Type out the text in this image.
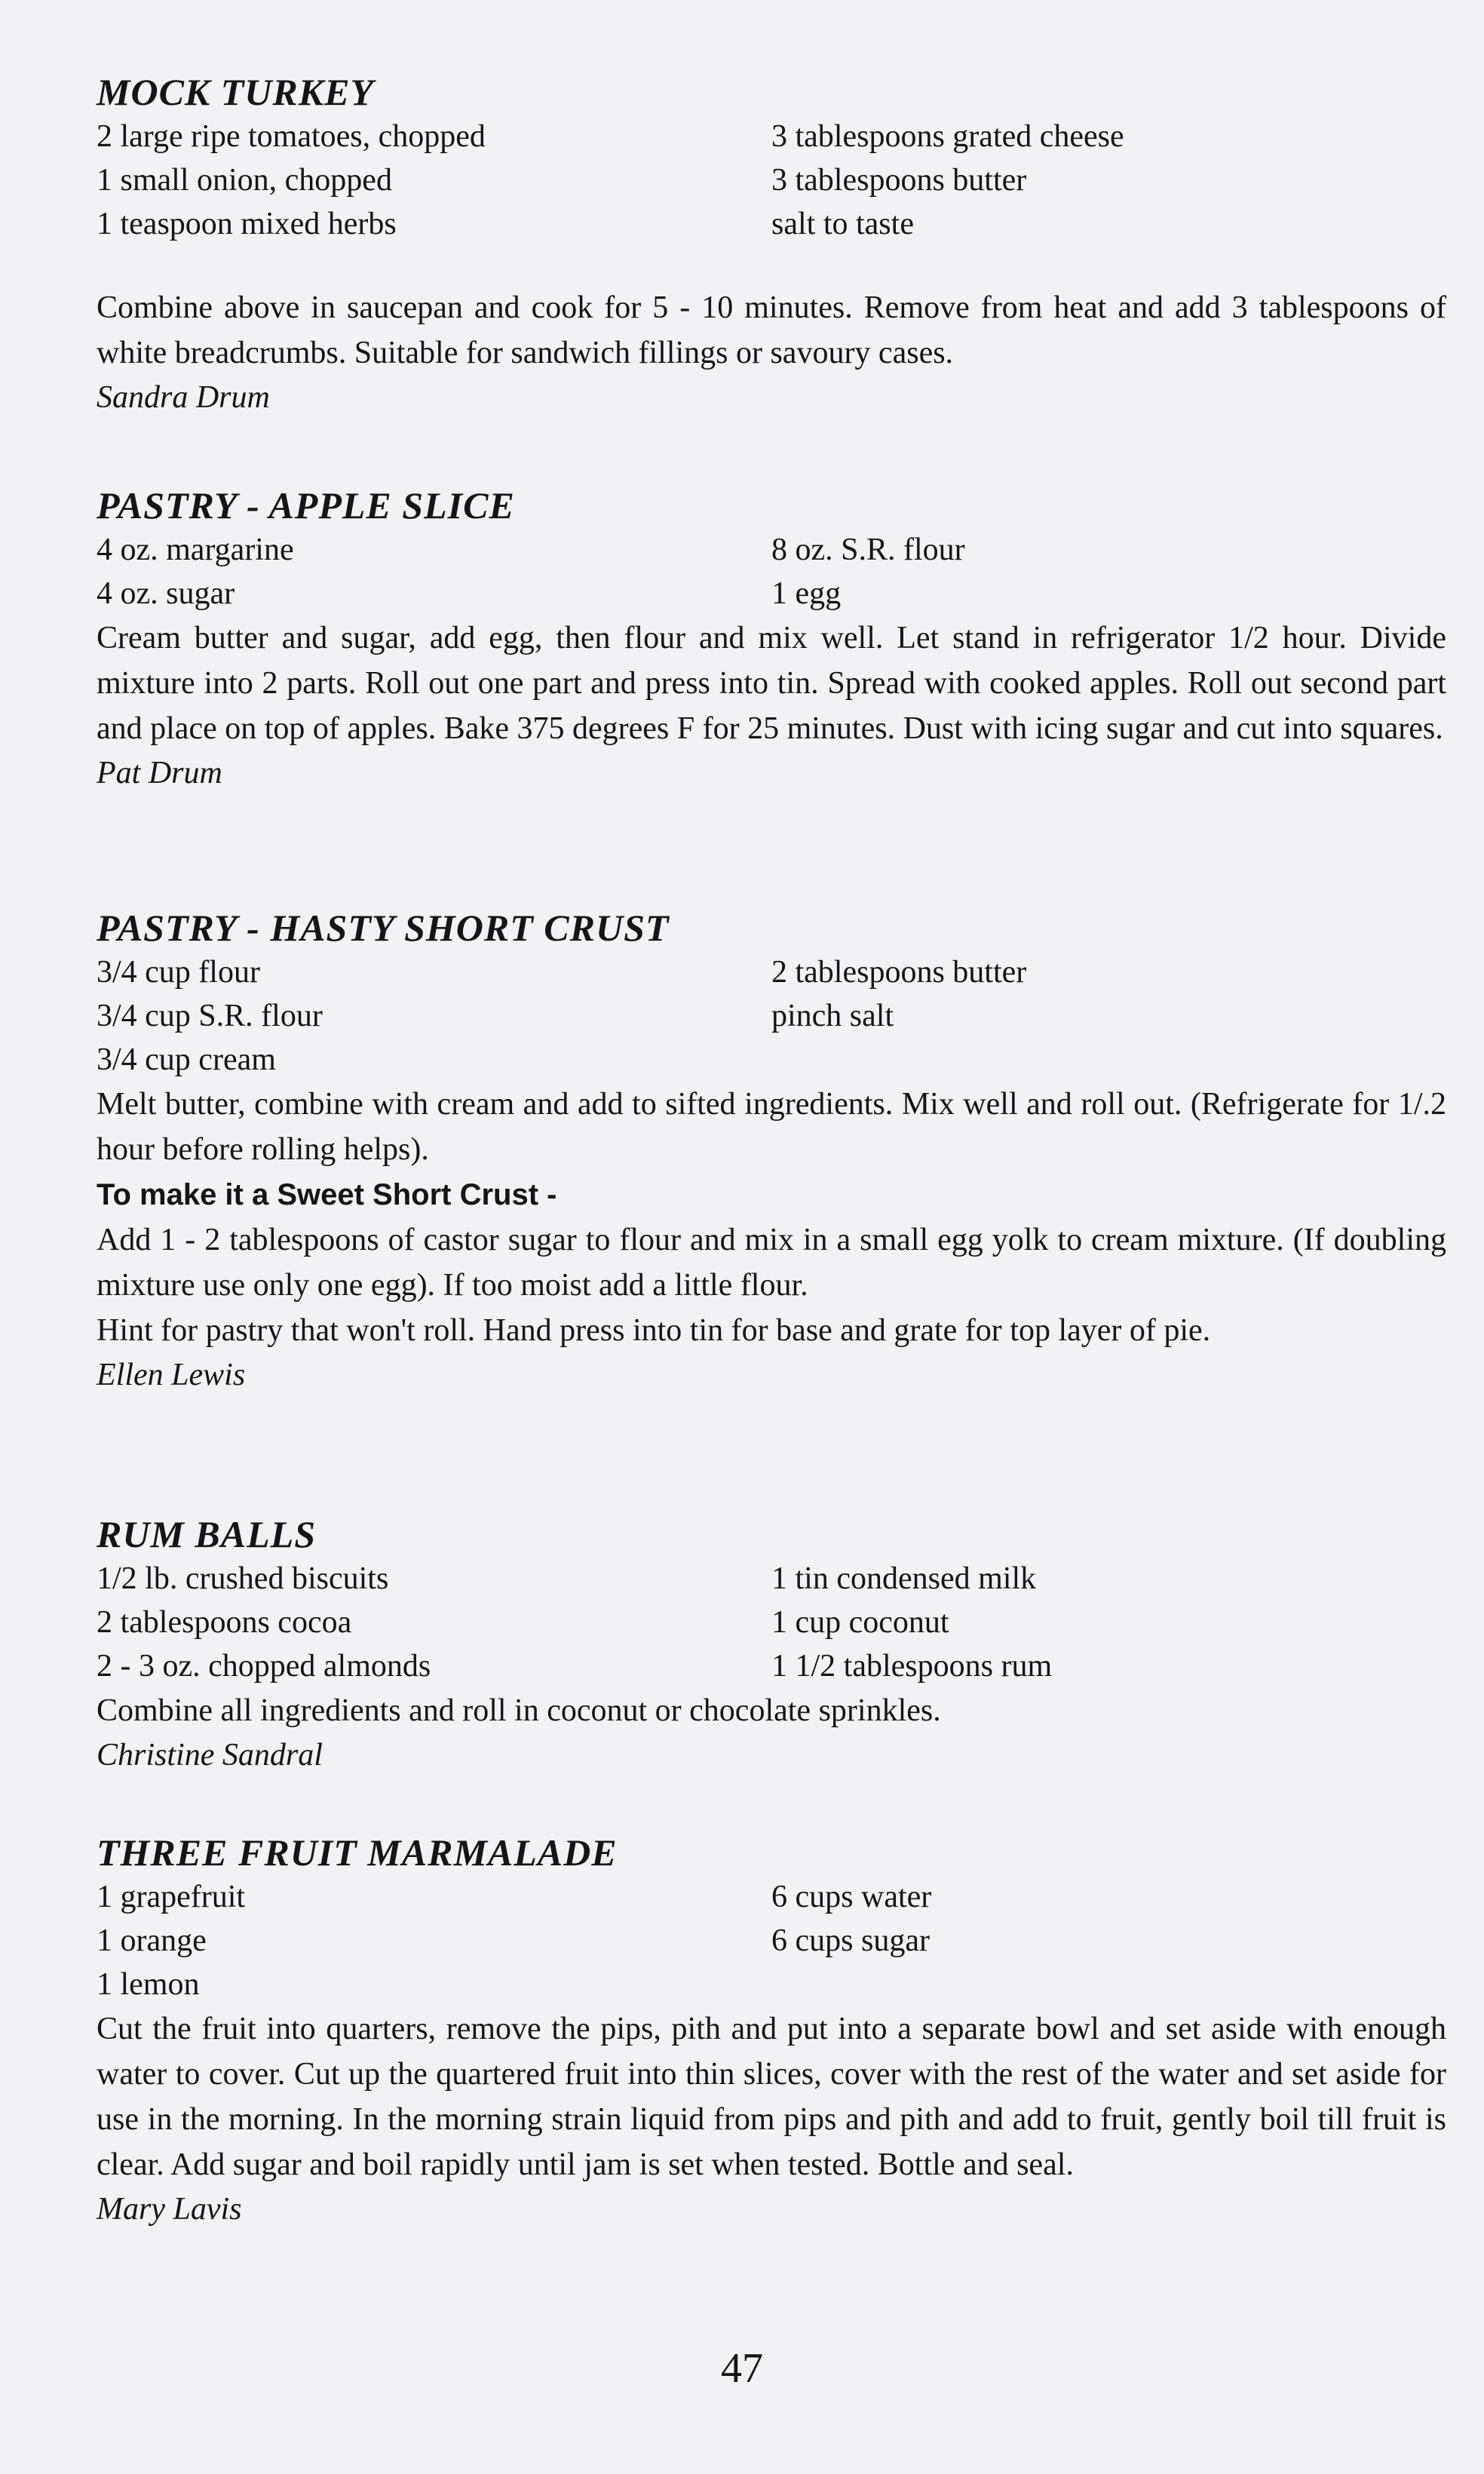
MOCK TURKEY
2 large ripe tomatoes, chopped
1 small onion, chopped
1 teaspoon mixed herbs
3 tablespoons grated cheese
3 tablespoons butter
salt to taste

Combine above in saucepan and cook for 5 - 10 minutes. Remove from heat and add 3 tablespoons of white breadcrumbs. Suitable for sandwich fillings or savoury cases.

Sandra Drum

PASTRY - APPLE SLICE
4 oz. margarine
4 oz. sugar
8 oz. S.R. flour
1 egg

Cream butter and sugar, add egg, then flour and mix well. Let stand in refrigerator 1/2 hour. Divide mixture into 2 parts. Roll out one part and press into tin. Spread with cooked apples. Roll out second part and place on top of apples. Bake 375 degrees F for 25 minutes. Dust with icing sugar and cut into squares.

Pat Drum

PASTRY - HASTY SHORT CRUST
3/4 cup flour
3/4 cup S.R. flour
3/4 cup cream
2 tablespoons butter
pinch salt

Melt butter, combine with cream and add to sifted ingredients. Mix well and roll out. (Refrigerate for 1/.2 hour before rolling helps).

To make it a Sweet Short Crust -

Add 1 - 2 tablespoons of castor sugar to flour and mix in a small egg yolk to cream mixture. (If doubling mixture use only one egg). If too moist add a little flour.

Hint for pastry that won't roll. Hand press into tin for base and grate for top layer of pie.

Ellen Lewis

RUM BALLS
1/2 lb. crushed biscuits
2 tablespoons cocoa
2 - 3 oz. chopped almonds
1 tin condensed milk
1 cup coconut
1 1/2 tablespoons rum

Combine all ingredients and roll in coconut or chocolate sprinkles.

Christine Sandral

THREE FRUIT MARMALADE
1 grapefruit
1 orange
1 lemon
6 cups water
6 cups sugar

Cut the fruit into quarters, remove the pips, pith and put into a separate bowl and set aside with enough water to cover. Cut up the quartered fruit into thin slices, cover with the rest of the water and set aside for use in the morning. In the morning strain liquid from pips and pith and add to fruit, gently boil till fruit is clear. Add sugar and boil rapidly until jam is set when tested. Bottle and seal.

Mary Lavis

47
